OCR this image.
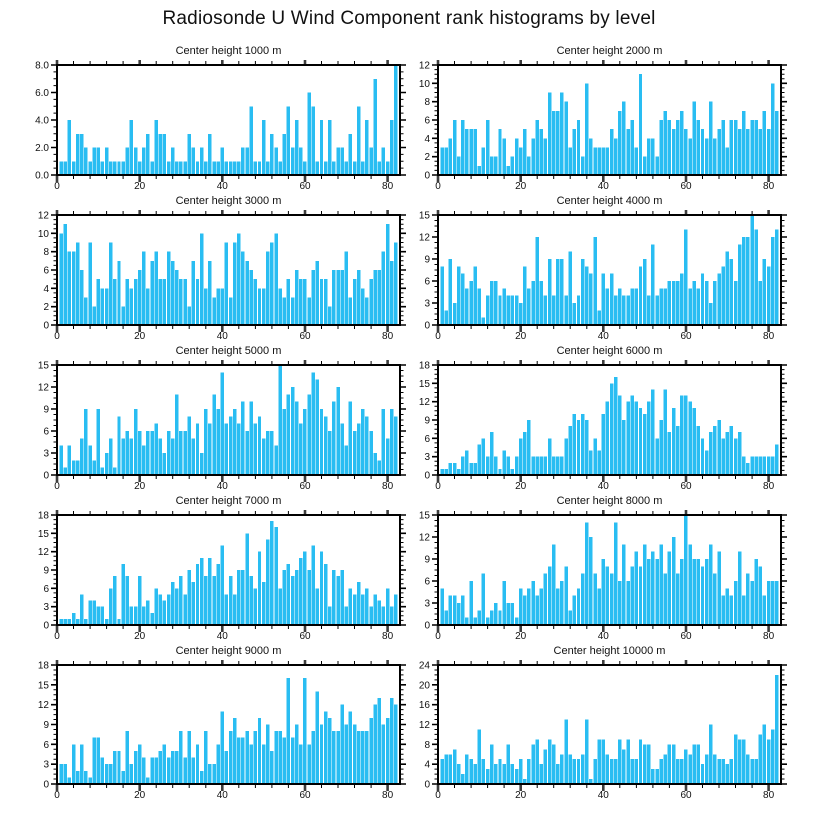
Radiosonde U Wind Component rank histograms by level
Center height 1000 m
0	20	40	60	80
0.0
2.0
4.0
6.0
8.0
Center height 2000 m
0	20	40	60	80
0
2
4
6
8
10
12
Center height 3000 m
0	20	40	60	80
0
2
4
6
8
10
12
Center height 4000 m
0	20	40	60	80
0
3
6
9
12
15
Center height 5000 m
0	20	40	60	80
0
3
6
9
12
15
Center height 6000 m
0	20	40	60	80
0
3
6
9
12
15
18
Center height 7000 m
0	20	40	60	80
0
3
6
9
12
15
18
Center height 8000 m
0	20	40	60	80
0
3
6
9
12
15
Center height 9000 m
0	20	40	60	80
0
3
6
9
12
15
18
Center height 10000 m
0	20	40	60	80
0
4
8
12
16
20
24
